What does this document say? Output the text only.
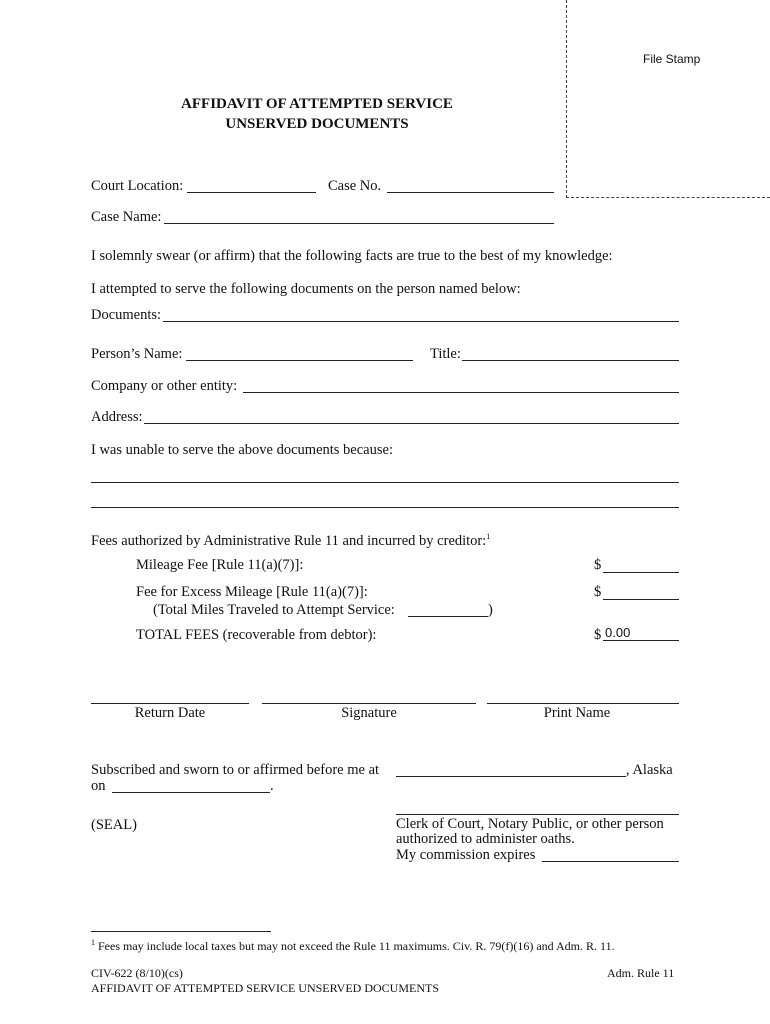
File Stamp
AFFIDAVIT OF ATTEMPTED SERVICE
UNSERVED DOCUMENTS
Court Location:	Case No.
Case Name:
I solemnly swear (or affirm) that the following facts are true to the best of my knowledge:
I attempted to serve the following documents on the person named below:
Documents:
Person’s Name:	Title:
Company or other entity:
Address:
I was unable to serve the above documents because:
Fees authorized by Administrative Rule 11 and incurred by creditor:$^1$
Mileage Fee [Rule 11(a)(7)]:	$
Fee for Excess Mileage [Rule 11(a)(7)]:	$
(Total Miles Traveled to Attempt Service:	)
TOTAL FEES (recoverable from debtor):	$ 0.00
Return Date	Signature	Print Name
Subscribed and sworn to or affirmed before me at	, Alaska
on	.
(SEAL)	Clerk of Court, Notary Public, or other person
authorized to administer oaths.
My commission expires
$^1$ Fees may include local taxes but may not exceed the Rule 11 maximums. Civ. R. 79(f)(16) and Adm. R. 11.
CIV-622 (8/10)(cs)	Adm. Rule 11
AFFIDAVIT OF ATTEMPTED SERVICE UNSERVED DOCUMENTS
